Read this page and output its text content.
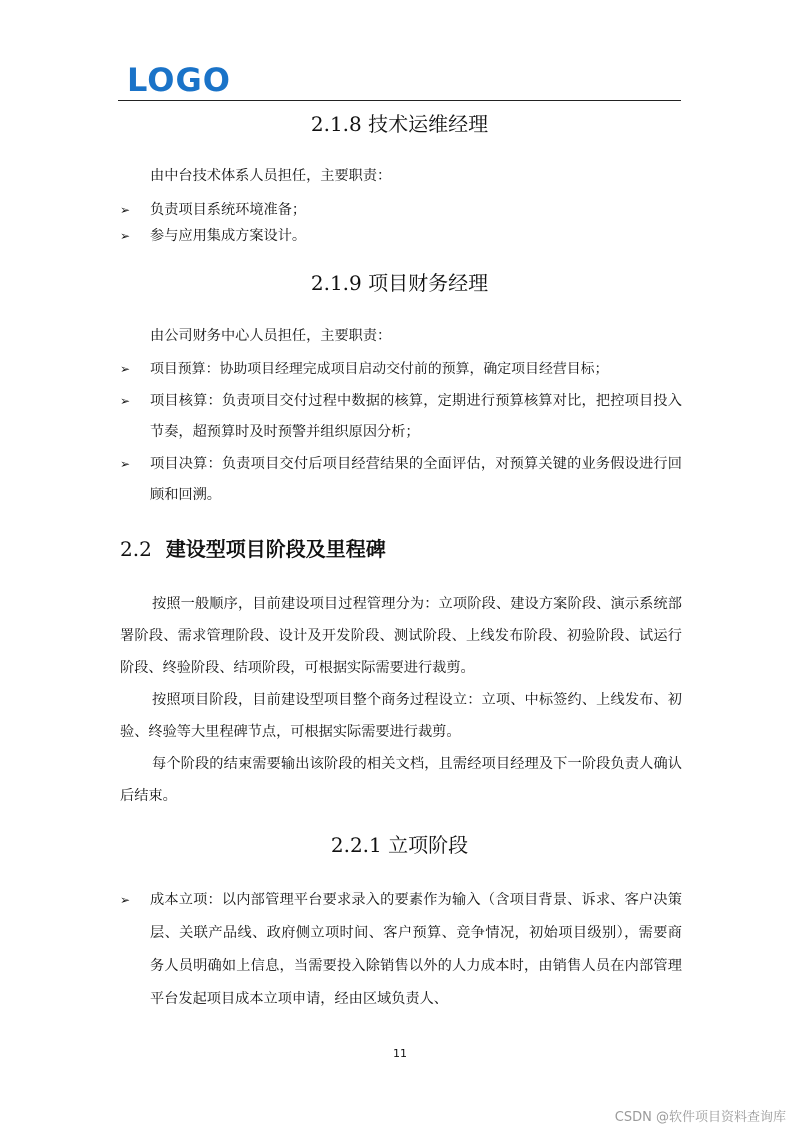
LOGO
2.1.8 技术运维经理
由中台技术体系人员担任，主要职责：
➢ 负责项目系统环境准备；
➢ 参与应用集成方案设计。
2.1.9 项目财务经理
由公司财务中心人员担任，主要职责：
➢ 项目预算：协助项目经理完成项目启动交付前的预算，确定项目经营目标；
➢ 项目核算：负责项目交付过程中数据的核算，定期进行预算核算对比，把控项目投入节奏，超预算时及时预警并组织原因分析；
➢ 项目决算：负责项目交付后项目经营结果的全面评估，对预算关键的业务假设进行回顾和回溯。
2.2 建设型项目阶段及里程碑

按照一般顺序，目前建设项目过程管理分为：立项阶段、建设方案阶段、演示系统部署阶段、需求管理阶段、设计及开发阶段、测试阶段、上线发布阶段、初验阶段、试运行阶段、终验阶段、结项阶段，可根据实际需要进行裁剪。

按照项目阶段，目前建设型项目整个商务过程设立：立项、中标签约、上线发布、初验、终验等大里程碑节点，可根据实际需要进行裁剪。

每个阶段的结束需要输出该阶段的相关文档，且需经项目经理及下一阶段负责人确认后结束。

2.2.1 立项阶段
➢ 成本立项：以内部管理平台要求录入的要素作为输入（含项目背景、诉求、客户决策层、关联产品线、政府侧立项时间、客户预算、竞争情况，初始项目级别），需要商务人员明确如上信息，当需要投入除销售以外的人力成本时，由销售人员在内部管理平台发起项目成本立项申请，经由区域负责人、
11
CSDN @软件项目资料查询库
